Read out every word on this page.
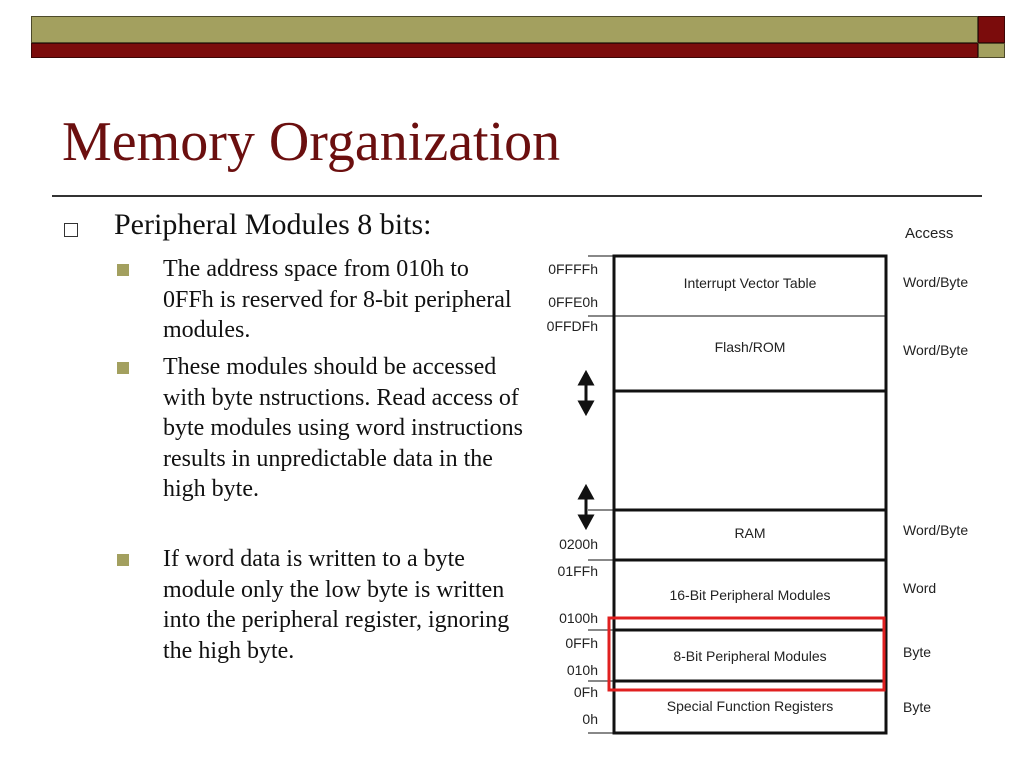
Memory Organization
Peripheral Modules 8 bits:
The address space from 010h to 0FFh is reserved for 8-bit peripheral modules.
These modules should be accessed with byte nstructions. Read access of byte modules using word instructions results in unpredictable data in the high byte.
If word data is written to a byte module only the low byte is written into the peripheral register, ignoring the high byte.
Access
Interrupt Vector Table
Flash/ROM
RAM
16-Bit Peripheral Modules
8-Bit Peripheral Modules
Special Function Registers
Word/Byte
Word/Byte
Word/Byte
Word
Byte
Byte
0FFFFh
0FFE0h
0FFDFh
0200h
01FFh
0100h
0FFh
010h
0Fh
0h
